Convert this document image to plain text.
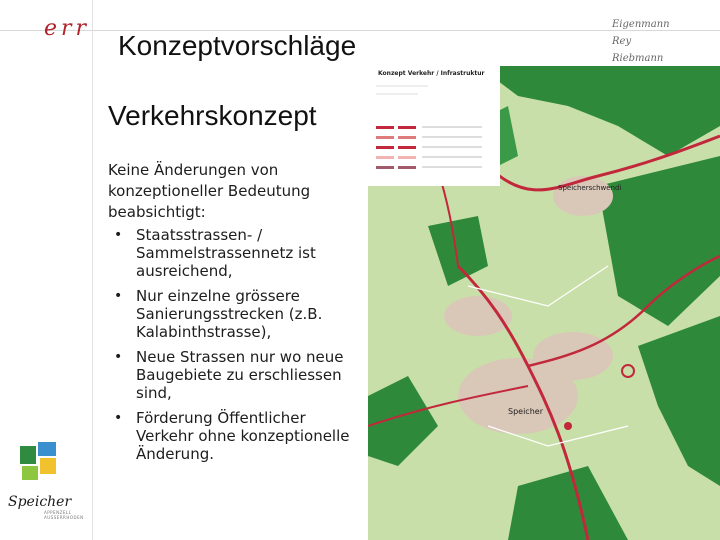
err
Konzeptvorschläge
Eigenmann
Rey
Riebmann
Speicherschwendi
Speicher
Konzept Verkehr / Infrastruktur
Verkehrskonzept
Keine Änderungen von konzeptioneller Bedeutung beabsichtigt:
• Staatsstrassen- / Sammelstrassennetz ist ausreichend,
• Nur einzelne grössere Sanierungsstrecken (z.B. Kalabinthstrasse),
• Neue Strassen nur wo neue Baugebiete zu erschliessen sind,
• Förderung Öffentlicher Verkehr ohne konzeptionelle Änderung.
Speicher
APPENZELL AUSSERRHODEN
